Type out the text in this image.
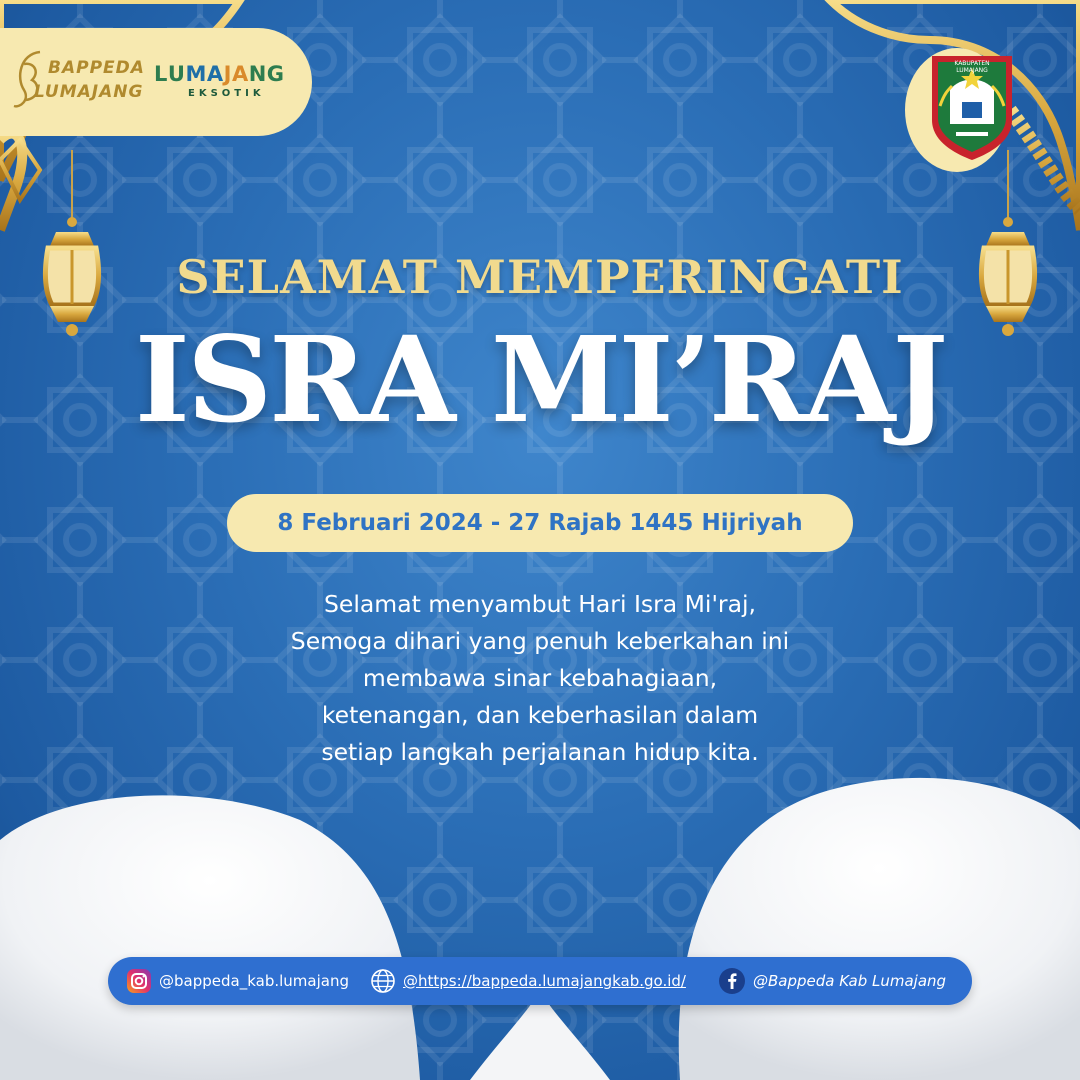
BAPPEDA
LUMAJANG
LUMAJANG
EKSOTIK
KABUPATEN LUMAJANG
SELAMAT MEMPERINGATI
ISRA MI’RAJ
8 Februari 2024 - 27 Rajab 1445 Hijriyah
Selamat menyambut Hari Isra Mi'raj,
Semoga dihari yang penuh keberkahan ini
membawa sinar kebahagiaan,
ketenangan, dan keberhasilan dalam
setiap langkah perjalanan hidup kita.
@bappeda_kab.lumajang	@https://bappeda.lumajangkab.go.id/	@Bappeda Kab Lumajang
